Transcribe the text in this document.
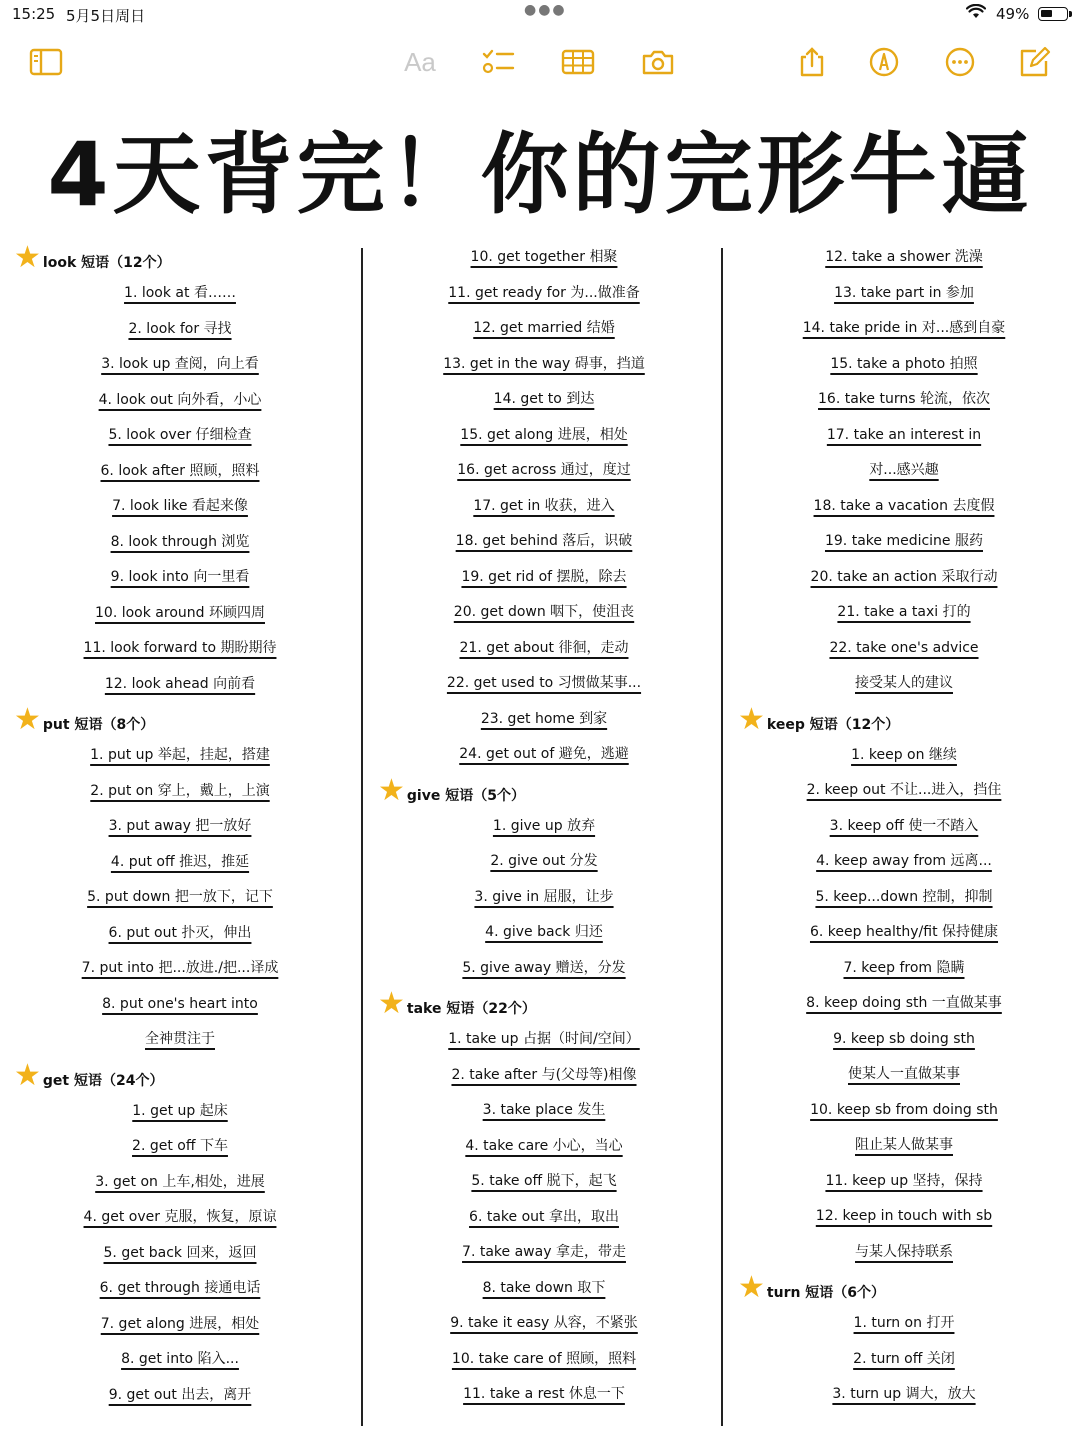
15:25 5月5日周日	●●●	49%
Aa
4天背完！你的完形牛逼
★ look 短语（12个）
1. look at 看……
2. look for 寻找
3. look up 查阅，向上看
4. look out 向外看，小心
5. look over 仔细检查
6. look after 照顾，照料
7. look like 看起来像
8. look through 浏览
9. look into 向一里看
10. look around 环顾四周
11. look forward to 期盼期待
12. look ahead 向前看
★ put 短语（8个）
1. put up 举起，挂起，搭建
2. put on 穿上，戴上，上演
3. put away 把一放好
4. put off 推迟，推延
5. put down 把一放下，记下
6. put out 扑灭，伸出
7. put into 把...放进./把...译成
8. put one's heart into
全神贯注于
★ get 短语（24个）
1. get up 起床
2. get off 下车
3. get on 上车,相处，进展
4. get over 克服，恢复，原谅
5. get back 回来，返回
6. get through 接通电话
7. get along 进展，相处
8. get into 陷入...
9. get out 出去，离开
10. get together 相聚
11. get ready for 为...做准备
12. get married 结婚
13. get in the way 碍事，挡道
14. get to 到达
15. get along 进展，相处
16. get across 通过，度过
17. get in 收获，进入
18. get behind 落后，识破
19. get rid of 摆脱，除去
20. get down 咽下，使沮丧
21. get about 徘徊，走动
22. get used to 习惯做某事...
23. get home 到家
24. get out of 避免，逃避
★ give 短语（5个）
1. give up 放弃
2. give out 分发
3. give in 屈服，让步
4. give back 归还
5. give away 赠送，分发
★ take 短语（22个）
1. take up 占据（时间/空间）
2. take after 与(父母等)相像
3. take place 发生
4. take care 小心，当心
5. take off 脱下，起飞
6. take out 拿出，取出
7. take away 拿走，带走
8. take down 取下
9. take it easy 从容，不紧张
10. take care of 照顾，照料
11. take a rest 休息一下
12. take a shower 洗澡
13. take part in 参加
14. take pride in 对...感到自豪
15. take a photo 拍照
16. take turns 轮流，依次
17. take an interest in
对...感兴趣
18. take a vacation 去度假
19. take medicine 服药
20. take an action 采取行动
21. take a taxi 打的
22. take one's advice
接受某人的建议
★ keep 短语（12个）
1. keep on 继续
2. keep out 不让...进入，挡住
3. keep off 使一不踏入
4. keep away from 远离...
5. keep...down 控制，抑制
6. keep healthy/fit 保持健康
7. keep from 隐瞒
8. keep doing sth 一直做某事
9. keep sb doing sth
使某人一直做某事
10. keep sb from doing sth
阻止某人做某事
11. keep up 坚持，保持
12. keep in touch with sb
与某人保持联系
★ turn 短语（6个）
1. turn on 打开
2. turn off 关闭
3. turn up 调大，放大
